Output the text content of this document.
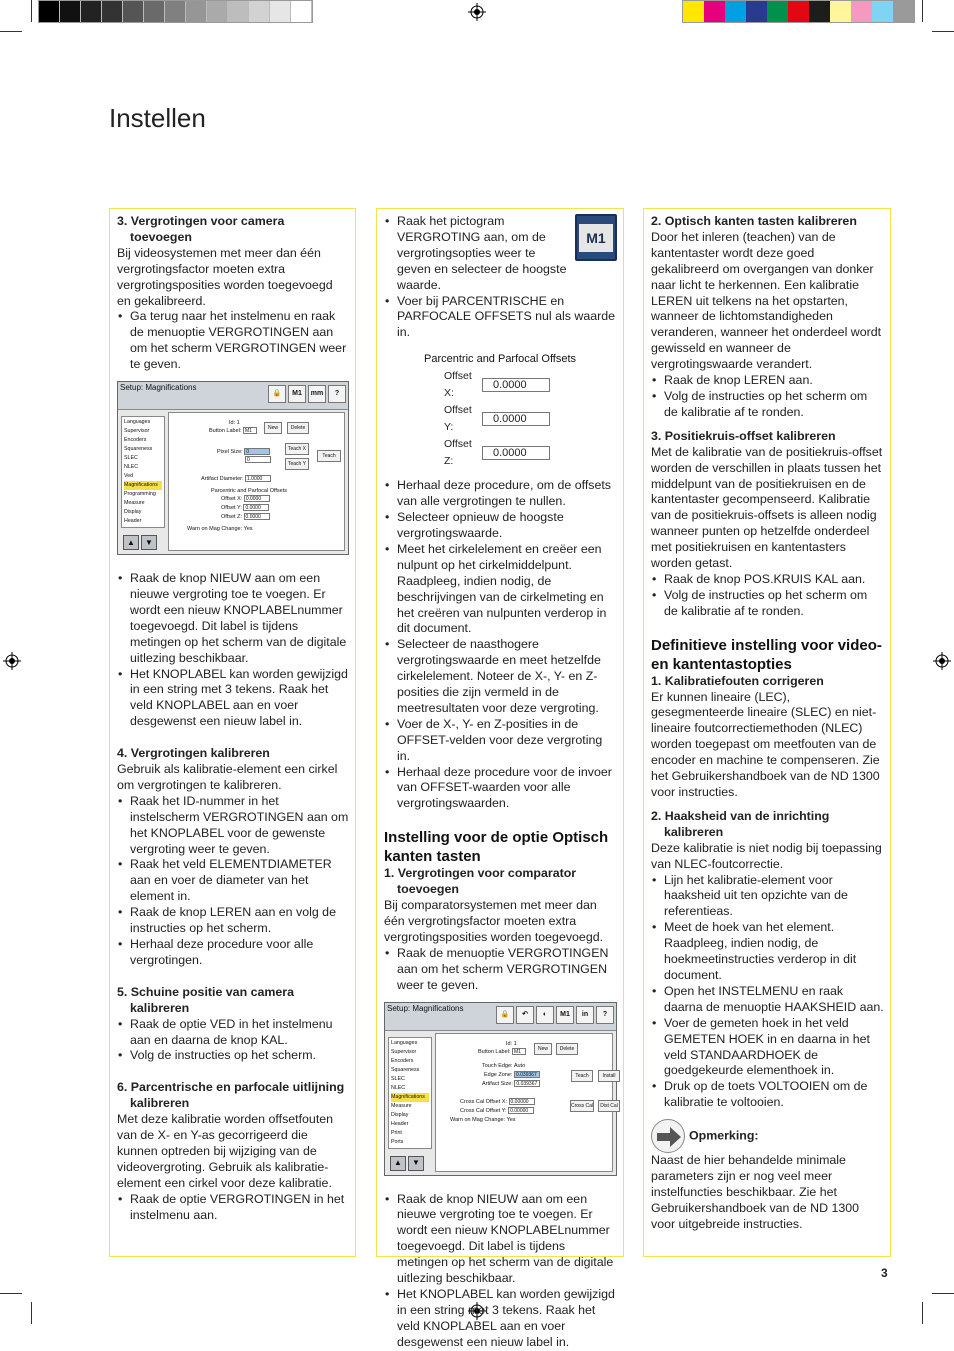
Instellen
3. Vergrotingen voor camera toevoegen
Bij videosystemen met meer dan één vergrotingsfactor moeten extra vergrotingsposities worden toegevoegd en gekalibreerd.
• Ga terug naar het instelmenu en raak de menuoptie VERGROTINGEN aan om het scherm VERGROTINGEN weer te geven.
Setup: Magnifications
🔒	M1	mm	?
Languages
Supervisor
Encoders
Squareness
SLEC
NLEC
Ved
Magnifications
Programming
Measure
Display
Header
Id: 1
Button Label: M1
New	Delete
Pixel Size: 0
0
Teach X
Teach Y
Teach
Artifact Diameter: 1.0000
Parcentric and Parfocal Offsets
Offset X: 0.0000
Offset Y: 0.0000
Offset Z: 0.0000
Warn on Mag Change: Yes
▲	▼
• Raak de knop NIEUW aan om een nieuwe vergroting toe te voegen. Er wordt een nieuw KNOPLABELnummer toegevoegd. Dit label is tijdens metingen op het scherm van de digitale uitlezing beschikbaar.
• Het KNOPLABEL kan worden gewijzigd in een string met 3 tekens. Raak het veld KNOPLABEL aan en voer desgewenst een nieuw label in.
4. Vergrotingen kalibreren
Gebruik als kalibratie-element een cirkel om vergrotingen te kalibreren.
• Raak het ID-nummer in het instelscherm VERGROTINGEN aan om het KNOPLABEL voor de gewenste vergroting weer te geven.
• Raak het veld ELEMENTDIAMETER aan en voer de diameter van het element in.
• Raak de knop LEREN aan en volg de instructies op het scherm.
• Herhaal deze procedure voor alle vergrotingen.
5. Schuine positie van camera kalibreren
• Raak de optie VED in het instelmenu aan en daarna de knop KAL.
• Volg de instructies op het scherm.
6. Parcentrische en parfocale uitlijning kalibreren
Met deze kalibratie worden offsetfouten van de X- en Y-as gecorrigeerd die kunnen optreden bij wijziging van de videovergroting. Gebruik als kalibratie-element een cirkel voor deze kalibratie.
• Raak de optie VERGROTINGEN in het instelmenu aan.
M1
• Raak het pictogram VERGROTING aan, om de vergrotingsopties weer te geven en selecteer de hoogste waarde.
• Voer bij PARCENTRISCHE en PARFOCALE OFFSETS nul als waarde in.
Parcentric and Parfocal Offsets
Offset X:
0.0000
Offset Y:
0.0000
Offset Z:
0.0000
• Herhaal deze procedure, om de offsets van alle vergrotingen te nullen.
• Selecteer opnieuw de hoogste vergrotingswaarde.
• Meet het cirkelelement en creëer een nulpunt op het cirkelmiddelpunt. Raadpleeg, indien nodig, de beschrijvingen van de cirkelmeting en het creëren van nulpunten verderop in dit document.
• Selecteer de naasthogere vergrotingswaarde en meet hetzelfde cirkelelement. Noteer de X-, Y- en Z-posities die zijn vermeld in de meetresultaten voor deze vergroting.
• Voer de X-, Y- en Z-posities in de OFFSET-velden voor deze vergroting in.
• Herhaal deze procedure voor de invoer van OFFSET-waarden voor alle vergrotingswaarden.
Instelling voor de optie Optisch kanten tasten
1. Vergrotingen voor comparator toevoegen
Bij comparatorsystemen met meer dan één vergrotingsfactor moeten extra vergrotingsposities worden toegevoegd.
• Raak de menuoptie VERGROTINGEN aan om het scherm VERGROTINGEN weer te geven.
Setup: Magnifications
🔒	↶	◐	M1	in	?
Languages
Supervisor
Encoders
Squareness
SLEC
NLEC
Magnifications
Measure
Display
Header
Print
Ports
Id: 1
Button Label: M1
New	Delete
Touch Edge: Auto
Edge Zone: 0.039367
Artifact Size: 0.039367
Teach	Install
Cross Cal Offset X: 0.00000
Cross Cal Offset Y: 0.00000
Cross Cal	Dist Cal
Warn on Mag Change: Yes
▲	▼
• Raak de knop NIEUW aan om een nieuwe vergroting toe te voegen. Er wordt een nieuw KNOPLABELnummer toegevoegd. Dit label is tijdens metingen op het scherm van de digitale uitlezing beschikbaar.
• Het KNOPLABEL kan worden gewijzigd in een string met 3 tekens. Raak het veld KNOPLABEL aan en voer desgewenst een nieuw label in.
2. Optisch kanten tasten kalibreren
Door het inleren (teachen) van de kantentaster wordt deze goed gekalibreerd om overgangen van donker naar licht te herkennen. Een kalibratie LEREN uit telkens na het opstarten, wanneer de lichtomstandigheden veranderen, wanneer het onderdeel wordt gewisseld en wanneer de vergrotingswaarde verandert.
• Raak de knop LEREN aan.
• Volg de instructies op het scherm om de kalibratie af te ronden.
3. Positiekruis-offset kalibreren
Met de kalibratie van de positiekruis-offset worden de verschillen in plaats tussen het middelpunt van de positiekruisen en de kantentaster gecompenseerd. Kalibratie van de positiekruis-offsets is alleen nodig wanneer punten op hetzelfde onderdeel met positiekruisen en kantentasters worden getast.
• Raak de knop POS.KRUIS KAL aan.
• Volg de instructies op het scherm om de kalibratie af te ronden.
Definitieve instelling voor video- en kantentastopties
1. Kalibratiefouten corrigeren
Er kunnen lineaire (LEC), gesegmenteerde lineaire (SLEC) en niet-lineaire foutcorrectiemethoden (NLEC) worden toegepast om meetfouten van de encoder en machine te compenseren. Zie het Gebruikershandboek van de ND 1300 voor instructies.
2. Haaksheid van de inrichting kalibreren
Deze kalibratie is niet nodig bij toepassing van NLEC-foutcorrectie.
• Lijn het kalibratie-element voor haaksheid uit ten opzichte van de referentieas.
• Meet de hoek van het element. Raadpleeg, indien nodig, de hoekmeetinstructies verderop in dit document.
• Open het INSTELMENU en raak daarna de menuoptie HAAKSHEID aan.
• Voer de gemeten hoek in het veld GEMETEN HOEK in en daarna in het veld STANDAARDHOEK de goedgekeurde elementhoek in.
• Druk op de toets VOLTOOIEN om de kalibratie te voltooien.
Opmerking:
Naast de hier behandelde minimale parameters zijn er nog veel meer instelfuncties beschikbaar. Zie het Gebruikershandboek van de ND 1300 voor uitgebreide instructies.
3
